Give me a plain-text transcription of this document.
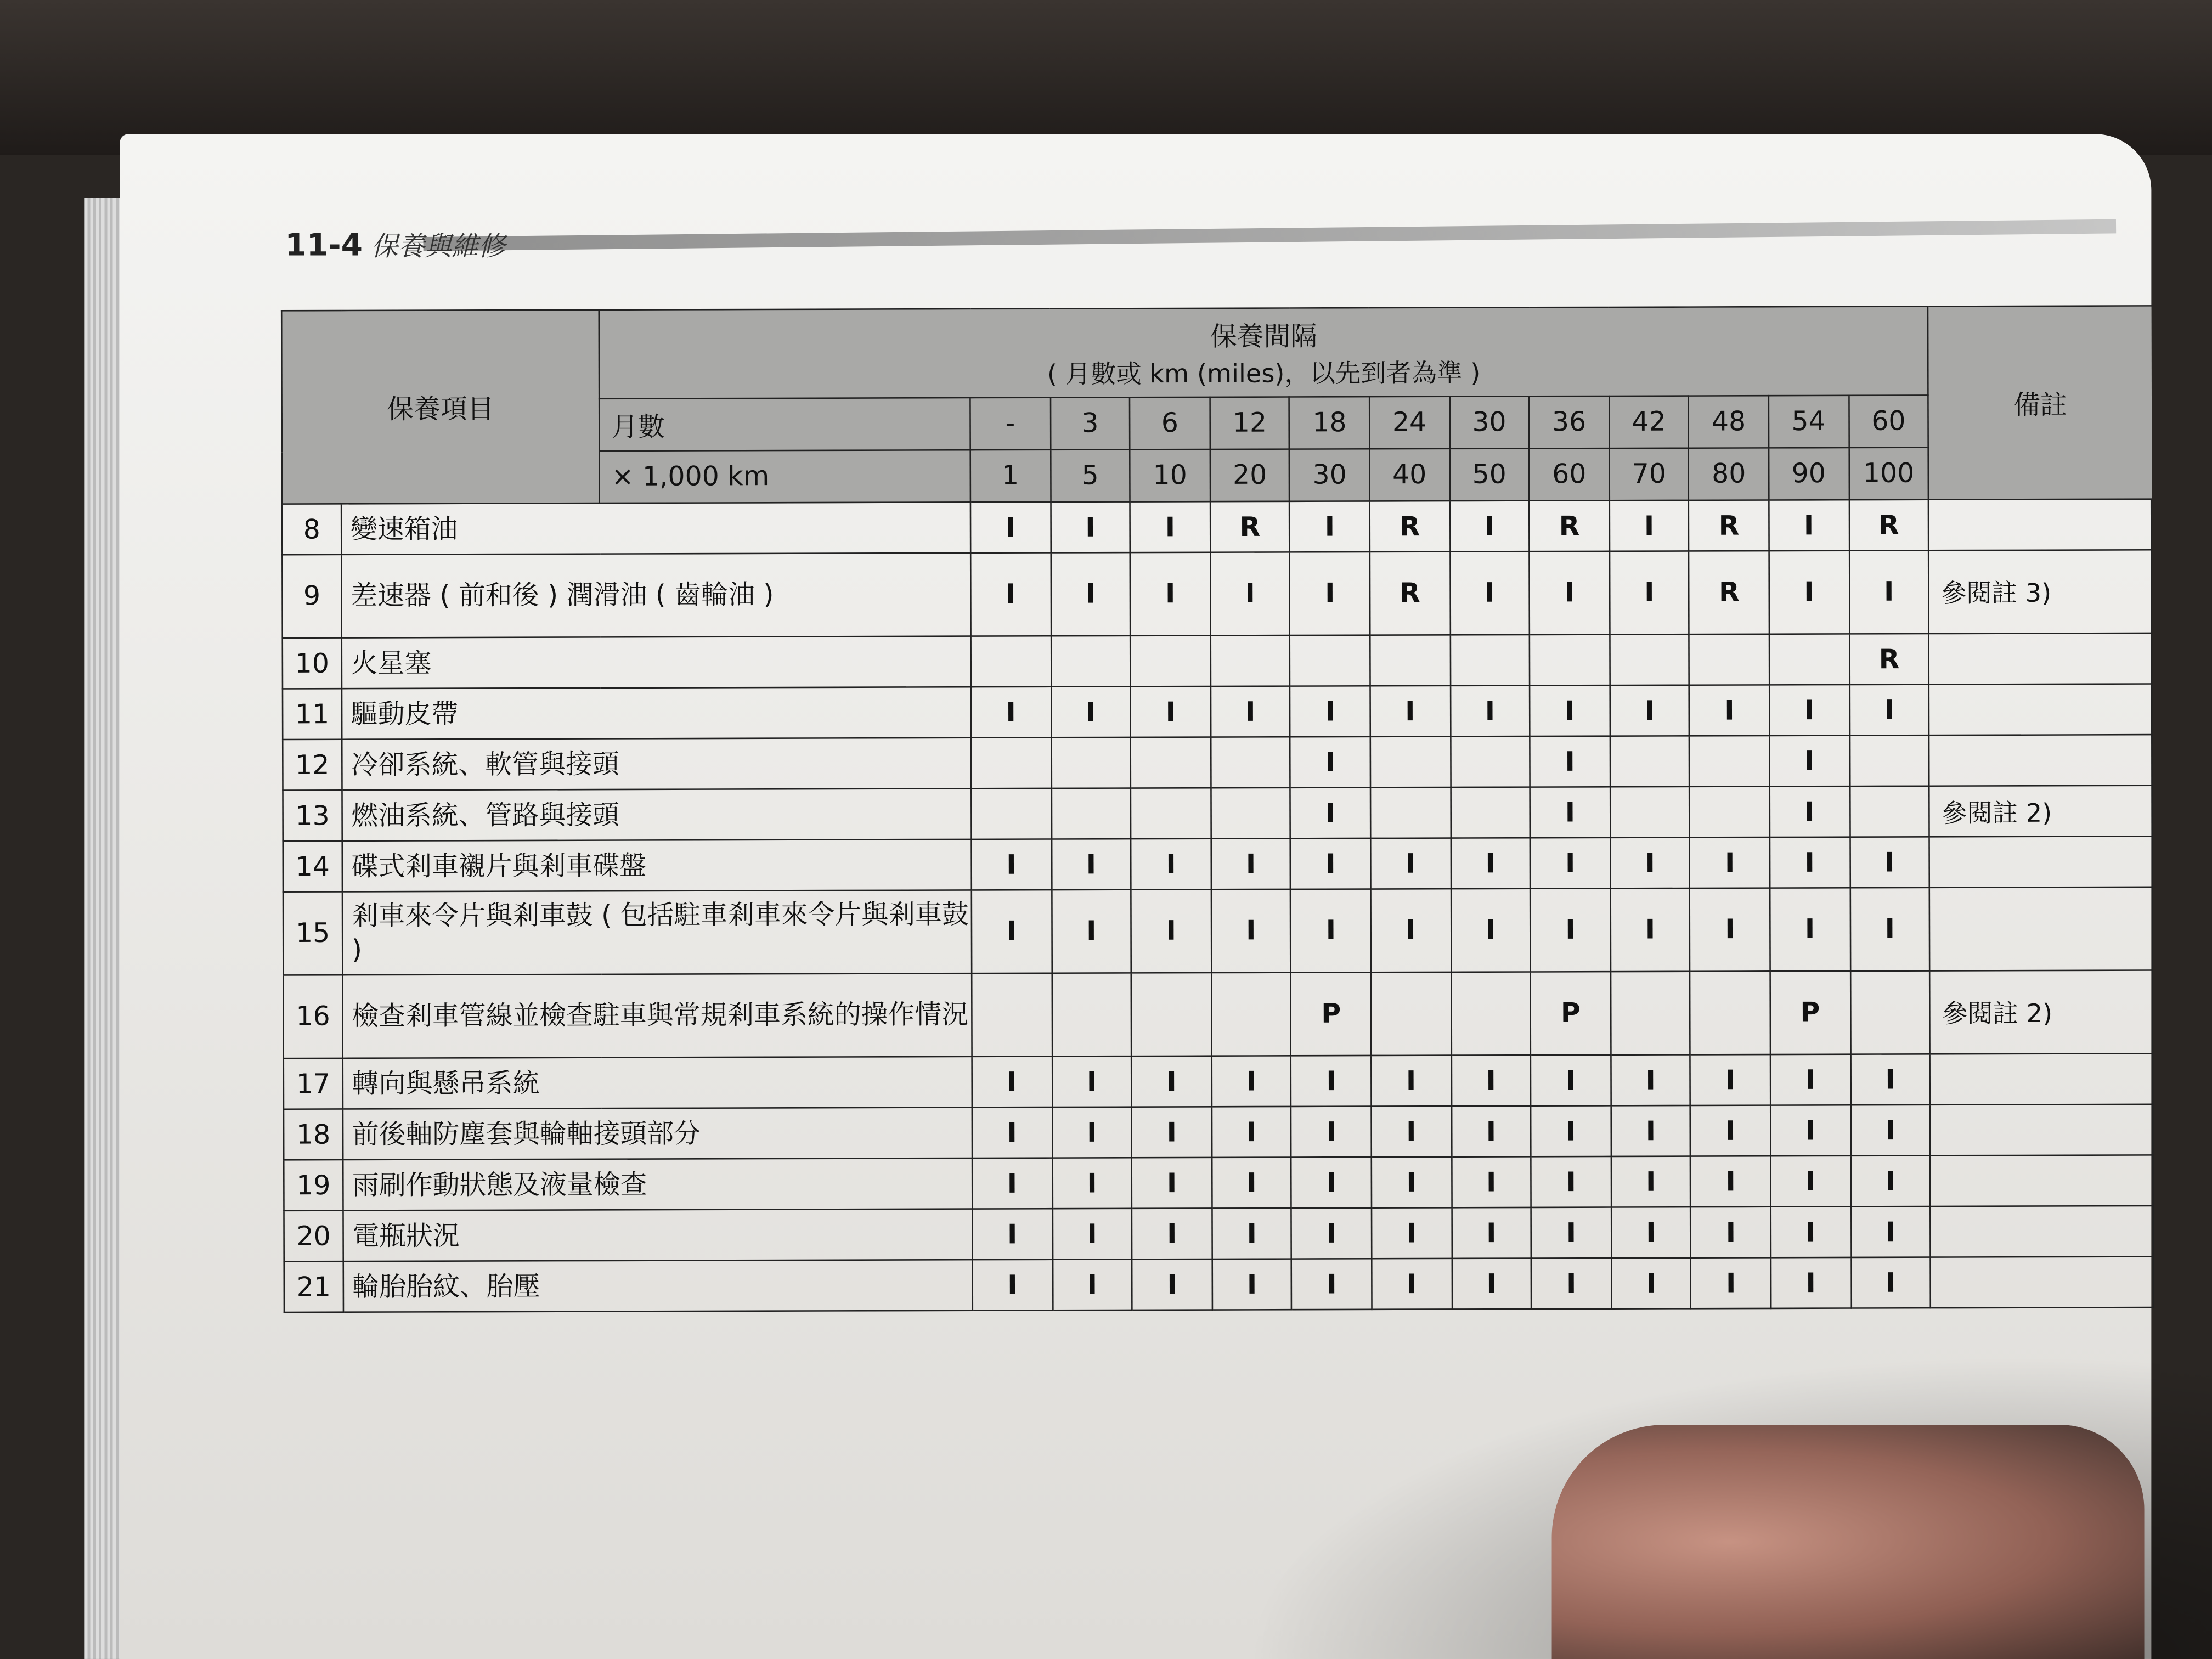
11-4 保養與維修
保養項目		保養間隔
( 月數或 km (miles)，以先到者為準 )													備註
		月數	-	3	6	12	18	24	30	36	42	48	54	60	
		× 1,000 km	1	5	10	20	30	40	50	60	70	80	90	100	
8	變速箱油		I	I	I	R	I	R	I	R	I	R	I	R	
9	差速器 ( 前和後 ) 潤滑油 ( 齒輪油 )		I	I	I	I	I	R	I	I	I	R	I	I	參閱註 3)
10	火星塞													R	
11	驅動皮帶		I	I	I	I	I	I	I	I	I	I	I	I	
12	冷卻系統、軟管與接頭						I			I			I		
13	燃油系統、管路與接頭						I			I			I		參閱註 2)
14	碟式剎車襯片與剎車碟盤		I	I	I	I	I	I	I	I	I	I	I	I	
15	剎車來令片與剎車鼓 ( 包括駐車剎車來令片與剎車鼓 )		I	I	I	I	I	I	I	I	I	I	I	I	
16	檢查剎車管線並檢查駐車與常規剎車系統的操作情況						P			P			P		參閱註 2)
17	轉向與懸吊系統		I	I	I	I	I	I	I	I	I	I	I	I	
18	前後軸防塵套與輪軸接頭部分		I	I	I	I	I	I	I	I	I	I	I	I	
19	雨刷作動狀態及液量檢查		I	I	I	I	I	I	I	I	I	I	I	I	
20	電瓶狀況		I	I	I	I	I	I	I	I	I	I	I	I	
21	輪胎胎紋、胎壓		I	I	I	I	I	I	I	I	I	I	I	I	
